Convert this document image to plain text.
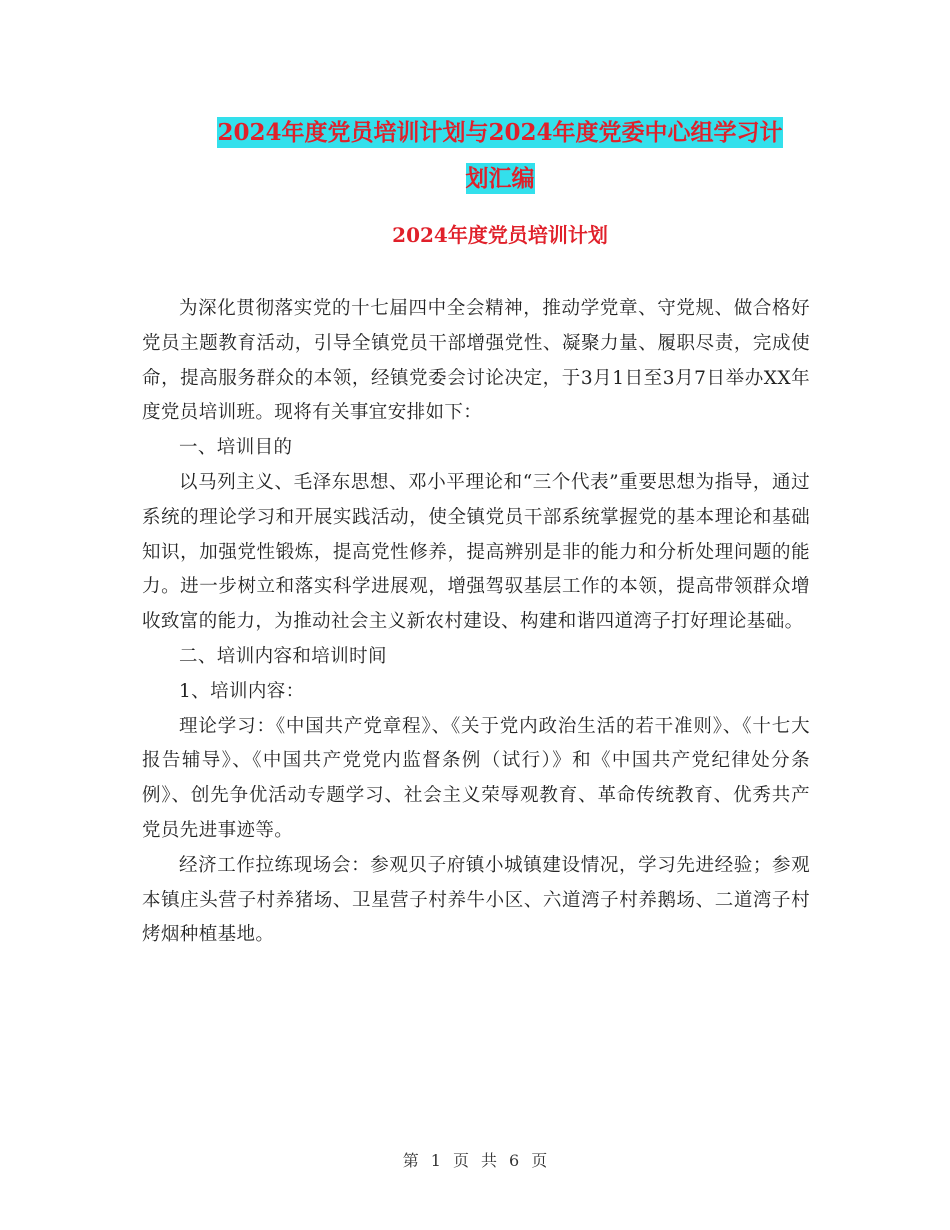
2024年度党员培训计划与2024年度党委中心组学习计
划汇编
2024年度党员培训计划

为深化贯彻落实党的十七届四中全会精神，推动学党章、守党规、做合格好党员主题教育活动，引导全镇党员干部增强党性、凝聚力量、履职尽责，完成使命，提高服务群众的本领，经镇党委会讨论决定，于3月1日至3月7日举办XX年度党员培训班。现将有关事宜安排如下：

一、培训目的

以马列主义、毛泽东思想、邓小平理论和“三个代表”重要思想为指导，通过系统的理论学习和开展实践活动，使全镇党员干部系统掌握党的基本理论和基础知识，加强党性锻炼，提高党性修养，提高辨别是非的能力和分析处理问题的能力。进一步树立和落实科学进展观，增强驾驭基层工作的本领，提高带领群众增收致富的能力，为推动社会主义新农村建设、构建和谐四道湾子打好理论基础。

二、培训内容和培训时间

1、培训内容：

理论学习：《中国共产党章程》、《关于党内政治生活的若干准则》、《十七大报告辅导》、《中国共产党党内监督条例（试行）》和《中国共产党纪律处分条例》、创先争优活动专题学习、社会主义荣辱观教育、革命传统教育、优秀共产党员先进事迹等。

经济工作拉练现场会：参观贝子府镇小城镇建设情况，学习先进经验；参观本镇庄头营子村养猪场、卫星营子村养牛小区、六道湾子村养鹅场、二道湾子村烤烟种植基地。

第 1 页 共 6 页
